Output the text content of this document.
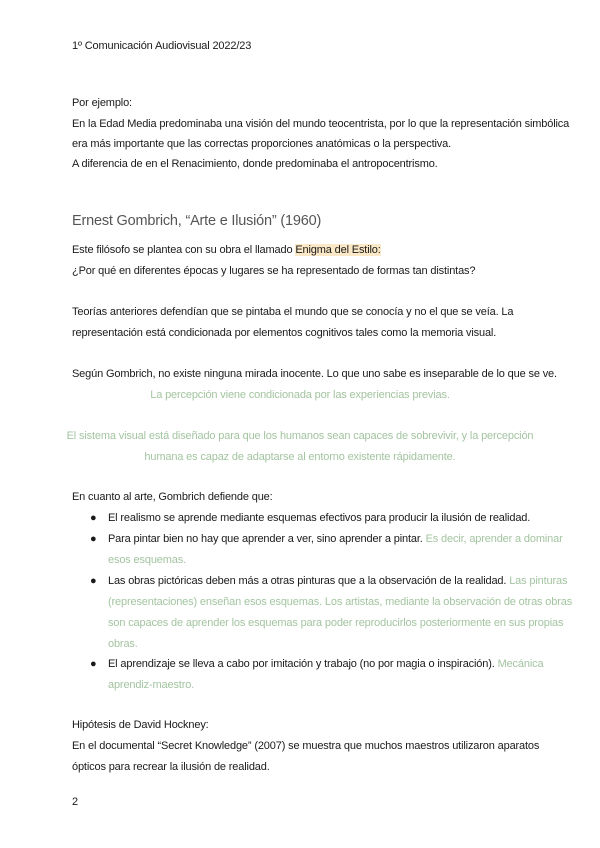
1º Comunicación Audiovisual 2022/23
Por ejemplo:
En la Edad Media predominaba una visión del mundo teocentrista, por lo que la representación simbólica
era más importante que las correctas proporciones anatómicas o la perspectiva.
A diferencia de en el Renacimiento, donde predominaba el antropocentrismo.
Ernest Gombrich, “Arte e Ilusión” (1960)
Este filósofo se plantea con su obra el llamado Enigma del Estilo:
¿Por qué en diferentes épocas y lugares se ha representado de formas tan distintas?
Teorías anteriores defendían que se pintaba el mundo que se conocía y no el que se veía. La
representación está condicionada por elementos cognitivos tales como la memoria visual.
Según Gombrich, no existe ninguna mirada inocente. Lo que uno sabe es inseparable de lo que se ve.
La percepción viene condicionada por las experiencias previas.
El sistema visual está diseñado para que los humanos sean capaces de sobrevivir, y la percepción
humana es capaz de adaptarse al entorno existente rápidamente.
En cuanto al arte, Gombrich defiende que:
● El realismo se aprende mediante esquemas efectivos para producir la ilusión de realidad.
● Para pintar bien no hay que aprender a ver, sino aprender a pintar. Es decir, aprender a dominar
esos esquemas.
● Las obras pictóricas deben más a otras pinturas que a la observación de la realidad. Las pinturas
(representaciones) enseñan esos esquemas. Los artistas, mediante la observación de otras obras
son capaces de aprender los esquemas para poder reproducirlos posteriormente en sus propias
obras.
● El aprendizaje se lleva a cabo por imitación y trabajo (no por magia o inspiración). Mecánica
aprendiz-maestro.
Hipótesis de David Hockney:
En el documental “Secret Knowledge” (2007) se muestra que muchos maestros utilizaron aparatos
ópticos para recrear la ilusión de realidad.
2
